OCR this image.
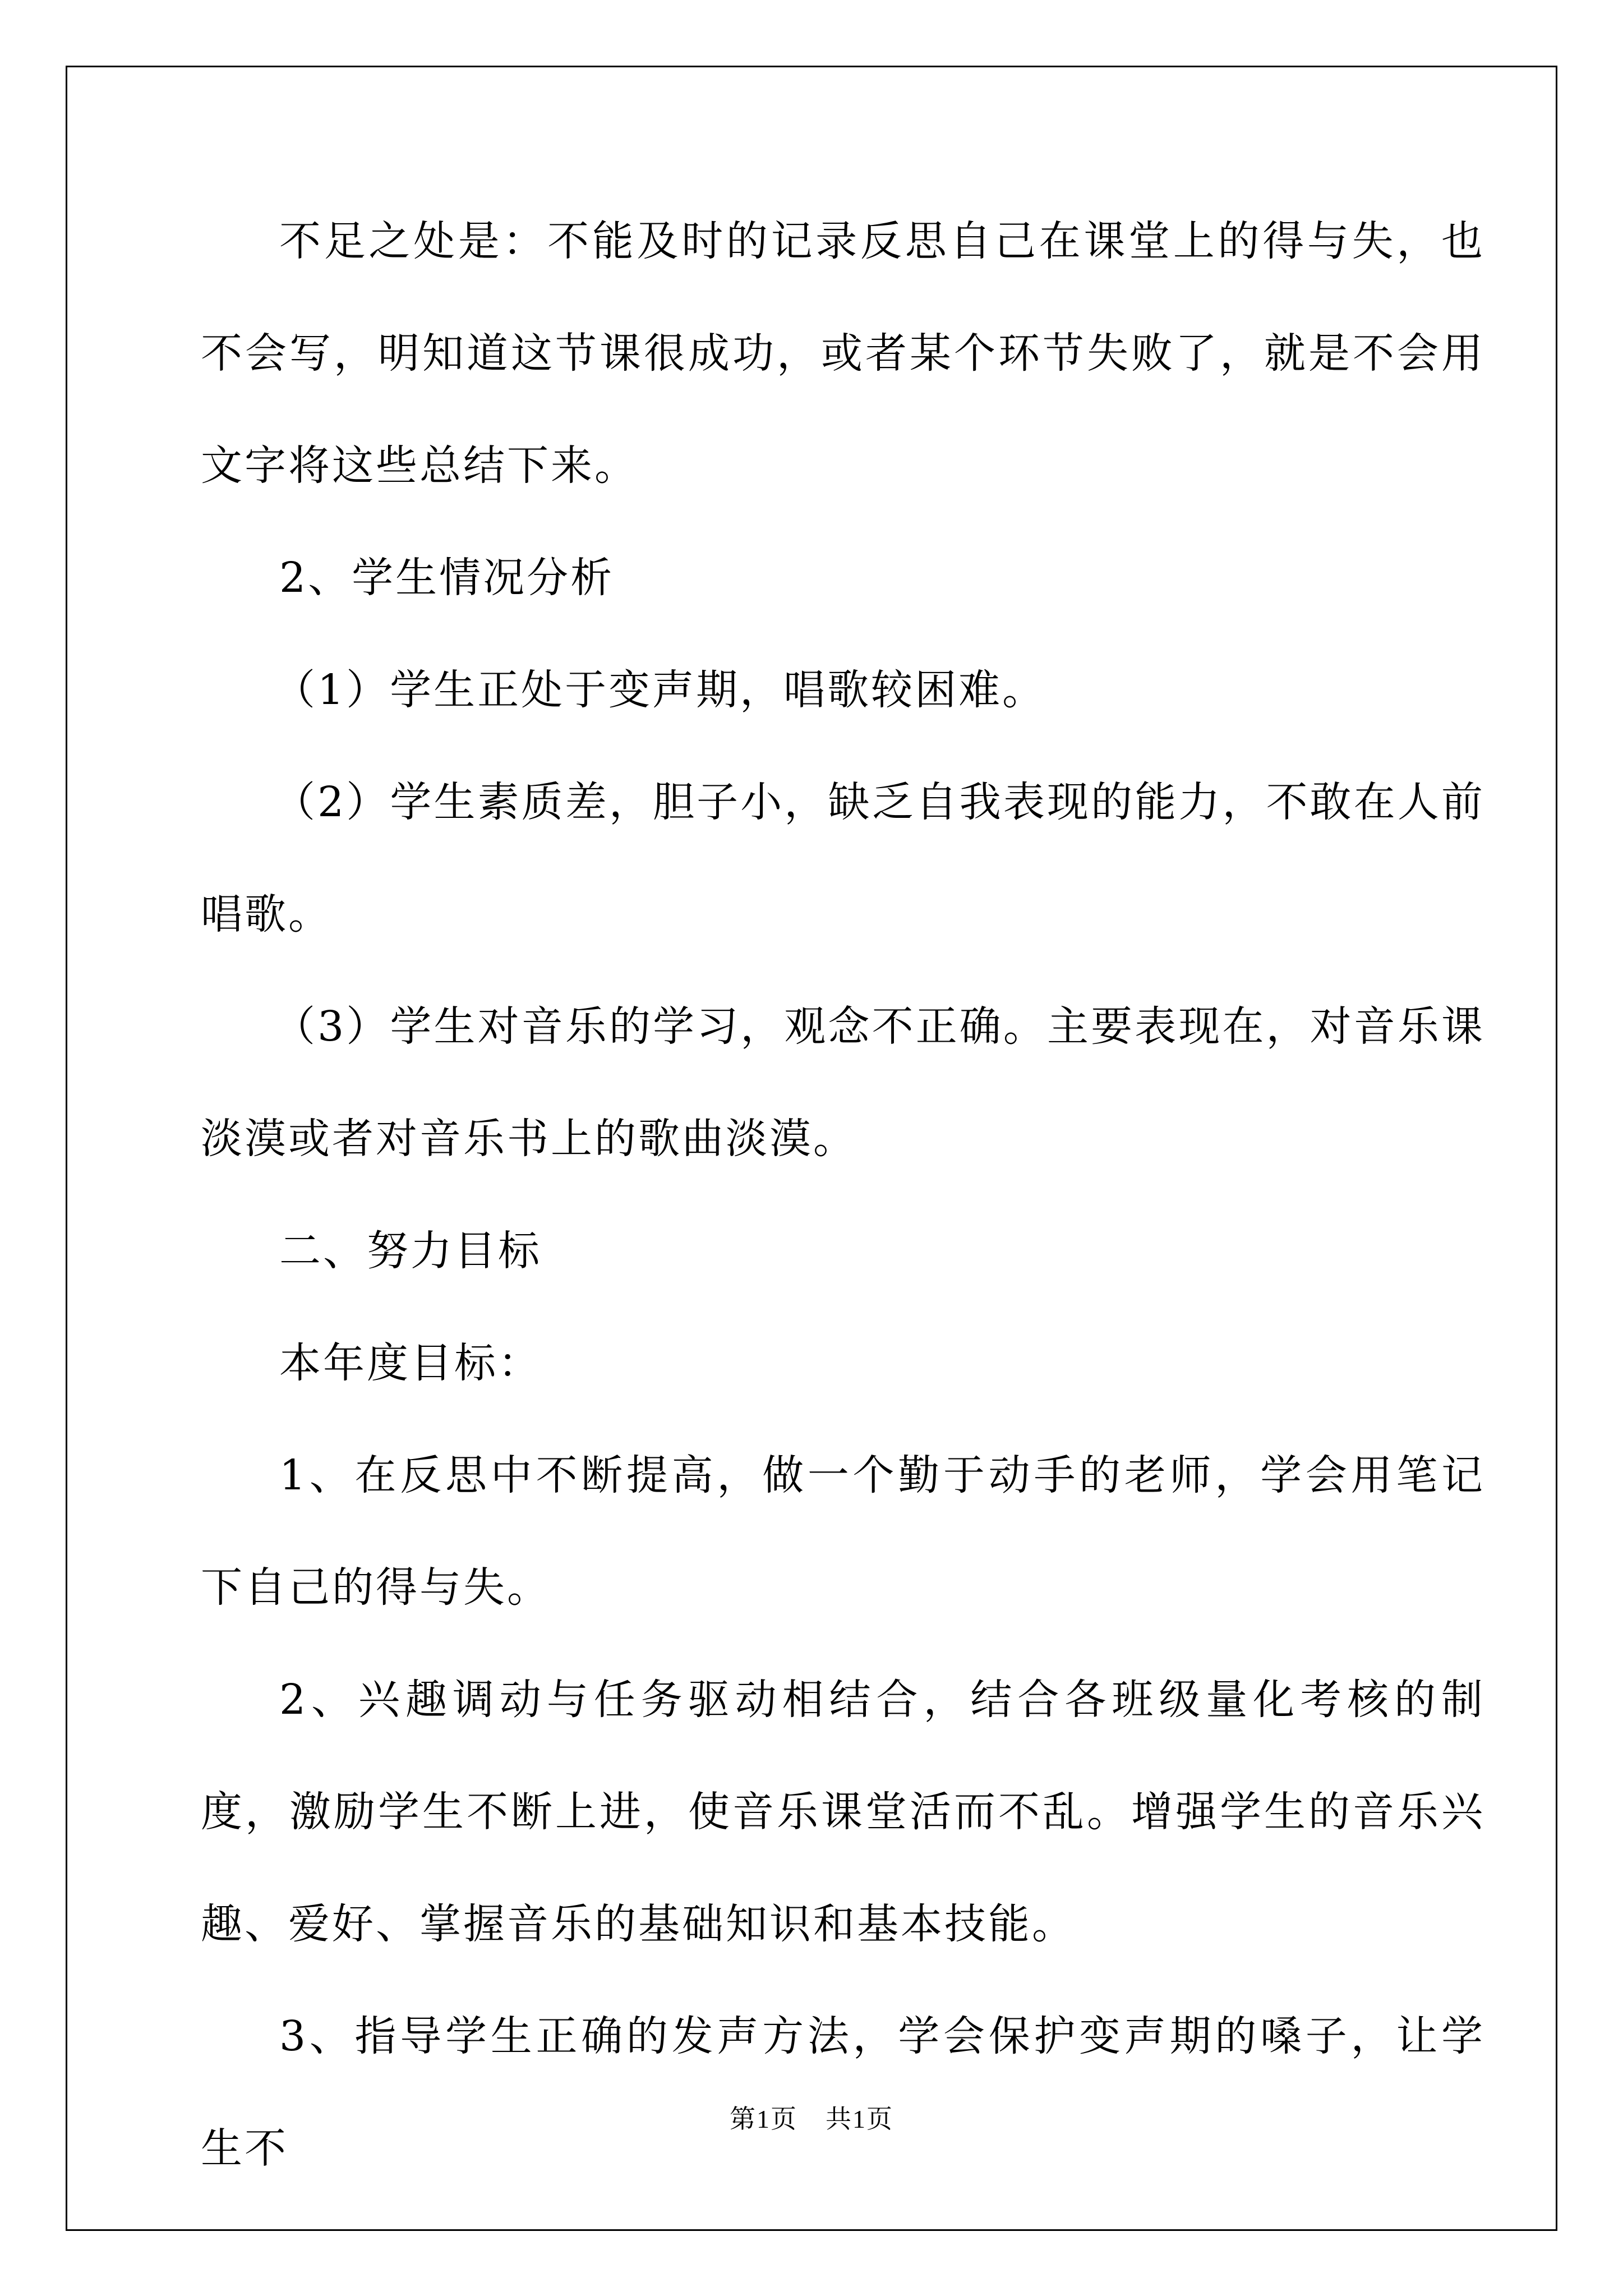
不足之处是：不能及时的记录反思自己在课堂上的得与失，也不会写，明知道这节课很成功，或者某个环节失败了，就是不会用文字将这些总结下来。

2、学生情况分析

（1）学生正处于变声期，唱歌较困难。

（2）学生素质差，胆子小，缺乏自我表现的能力，不敢在人前唱歌。

（3）学生对音乐的学习，观念不正确。主要表现在，对音乐课淡漠或者对音乐书上的歌曲淡漠。

二、努力目标

本年度目标：

1、在反思中不断提高，做一个勤于动手的老师，学会用笔记下自己的得与失。

2、兴趣调动与任务驱动相结合，结合各班级量化考核的制度，激励学生不断上进，使音乐课堂活而不乱。增强学生的音乐兴趣、爱好、掌握音乐的基础知识和基本技能。

3、指导学生正确的发声方法，学会保护变声期的嗓子，让学生不

第1页 共1页
